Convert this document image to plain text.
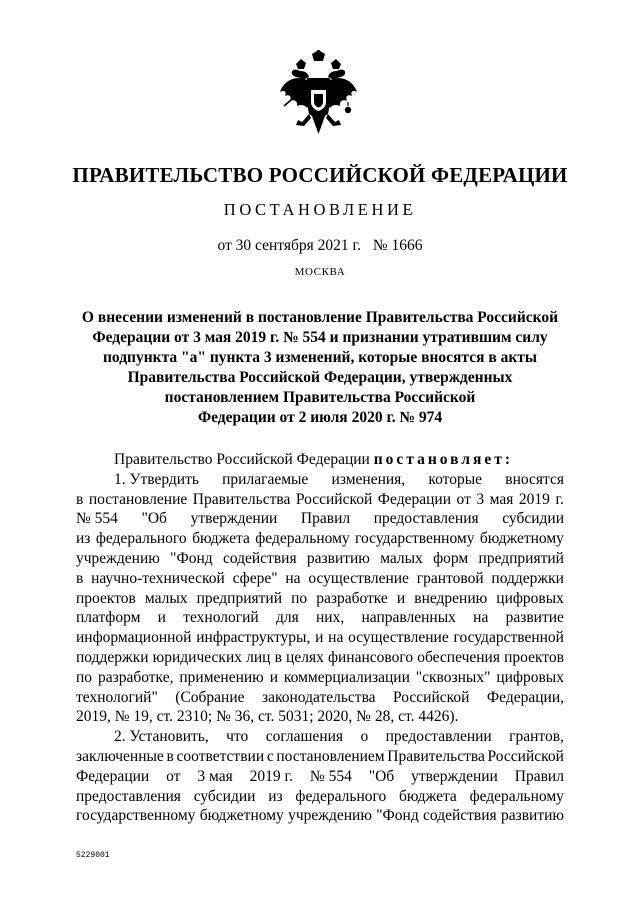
ПРАВИТЕЛЬСТВО РОССИЙСКОЙ ФЕДЕРАЦИИ
ПОСТАНОВЛЕНИЕ
от 30 сентября 2021 г. № 1666
МОСКВА
О внесении изменений в постановление Правительства Российской
Федерации от 3 мая 2019 г. № 554 и признании утратившим силу
подпункта "а" пункта 3 изменений, которые вносятся в акты
Правительства Российской Федерации, утвержденных
постановлением Правительства Российской
Федерации от 2 июля 2020 г. № 974
Правительство Российской Федерации постановляет:
1. Утвердить прилагаемые изменения, которые вносятся
в постановление Правительства Российской Федерации от 3 мая 2019 г.
№ 554 "Об утверждении Правил предоставления субсидии
из федерального бюджета федеральному государственному бюджетному
учреждению "Фонд содействия развитию малых форм предприятий
в научно-технической сфере" на осуществление грантовой поддержки
проектов малых предприятий по разработке и внедрению цифровых
платформ и технологий для них, направленных на развитие
информационной инфраструктуры, и на осуществление государственной
поддержки юридических лиц в целях финансового обеспечения проектов
по разработке, применению и коммерциализации "сквозных" цифровых
технологий" (Собрание законодательства Российской Федерации,
2019, № 19, ст. 2310; № 36, ст. 5031; 2020, № 28, ст. 4426).
2. Установить, что соглашения о предоставлении грантов,
заключенные в соответствии с постановлением Правительства Российской
Федерации от 3 мая 2019 г. № 554 "Об утверждении Правил
предоставления субсидии из федерального бюджета федеральному
государственному бюджетному учреждению "Фонд содействия развитию
5229001
